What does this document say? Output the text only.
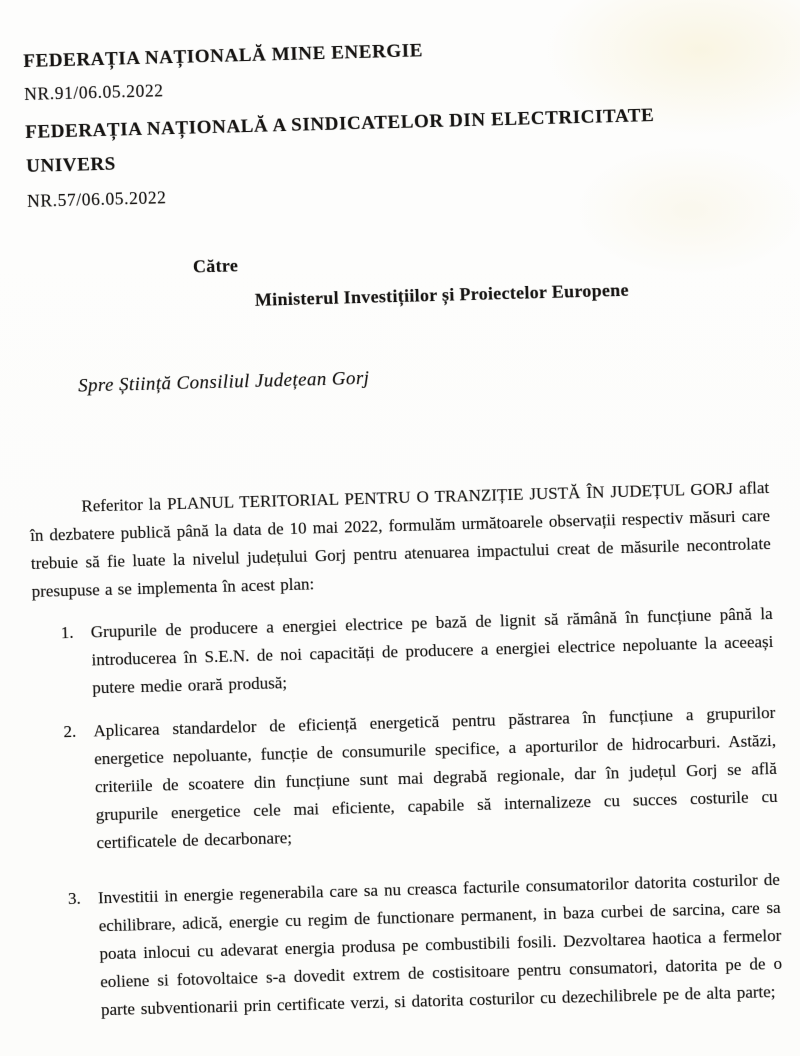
FEDERAȚIA NAȚIONALĂ MINE ENERGIE
NR.91/06.05.2022
FEDERAȚIA NAȚIONALĂ A SINDICATELOR DIN ELECTRICITATE UNIVERS
NR.57/06.05.2022
Către
Ministerul Investițiilor și Proiectelor Europene
Spre Știință Consiliul Județean Gorj

Referitor la PLANUL TERITORIAL PENTRU O TRANZIȚIE JUSTĂ ÎN JUDEȚUL GORJ aflat în dezbatere publică până la data de 10 mai 2022, formulăm următoarele observații respectiv măsuri care trebuie să fie luate la nivelul județului Gorj pentru atenuarea impactului creat de măsurile necontrolate presupuse a se implementa în acest plan:

1. Grupurile de producere a energiei electrice pe bază de lignit să rămână în funcțiune până la introducerea în S.E.N. de noi capacități de producere a energiei electrice nepoluante la aceeași putere medie orară produsă;
2. Aplicarea standardelor de eficiență energetică pentru păstrarea în funcțiune a grupurilor energetice nepoluante, funcție de consumurile specifice, a aporturilor de hidrocarburi. Astăzi, criteriile de scoatere din funcțiune sunt mai degrabă regionale, dar în județul Gorj se află grupurile energetice cele mai eficiente, capabile să internalizeze cu succes costurile cu certificatele de decarbonare;
3. Investitii in energie regenerabila care sa nu creasca facturile consumatorilor datorita costurilor de echilibrare, adică, energie cu regim de functionare permanent, in baza curbei de sarcina, care sa poata inlocui cu adevarat energia produsa pe combustibili fosili. Dezvoltarea haotica a fermelor eoliene si fotovoltaice s-a dovedit extrem de costisitoare pentru consumatori, datorita pe de o parte subventionarii prin certificate verzi, si datorita costurilor cu dezechilibrele pe de alta parte;
